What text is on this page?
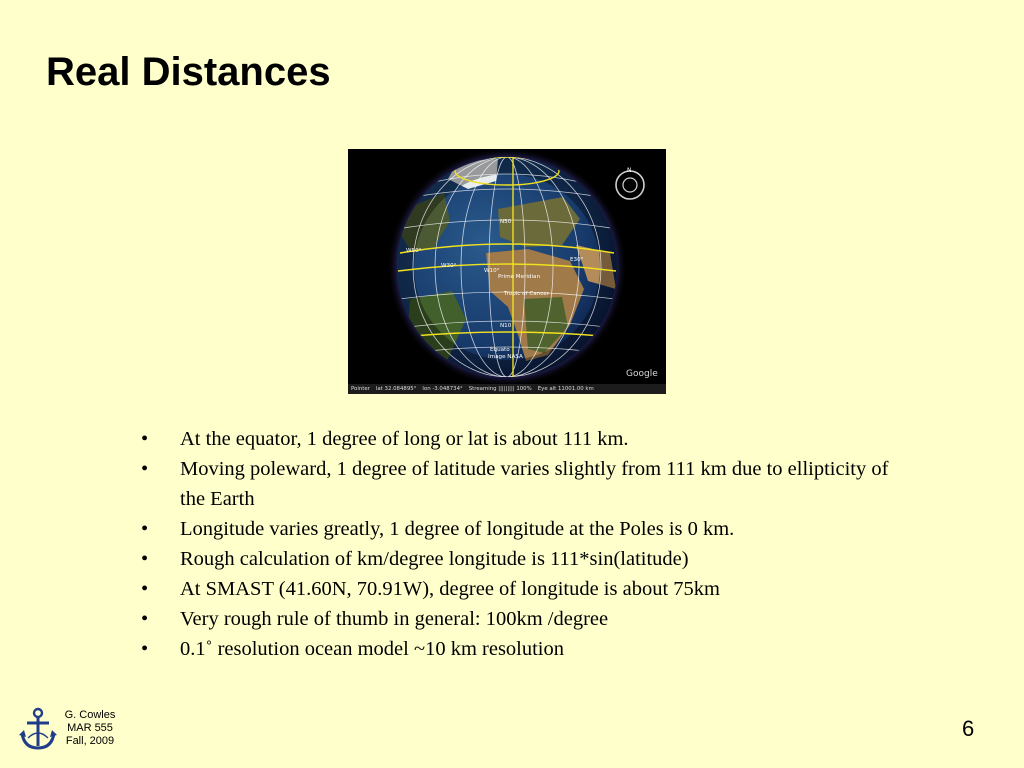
Real Distances
N50
W50°
W30°
E30°
W10°
Prime Meridian
Tropic of Cancer
N10
Equato
Image NASA
N
Google
Pointer lat 32.084895° lon -3.048734° Streaming ||||||||| 100% Eye alt 11001.00 km
• At the equator, 1 degree of long or lat is about 111 km.
• Moving poleward, 1 degree of latitude varies slightly from 111 km due to ellipticity of the Earth
• Longitude varies greatly, 1 degree of longitude at the Poles is 0 km.
• Rough calculation of km/degree longitude is 111*sin(latitude)
• At SMAST (41.60N, 70.91W), degree of longitude is about 75km
• Very rough rule of thumb in general: 100km /degree
• 0.1˚ resolution ocean model ~10 km resolution
G. Cowles
MAR 555
Fall, 2009	6
